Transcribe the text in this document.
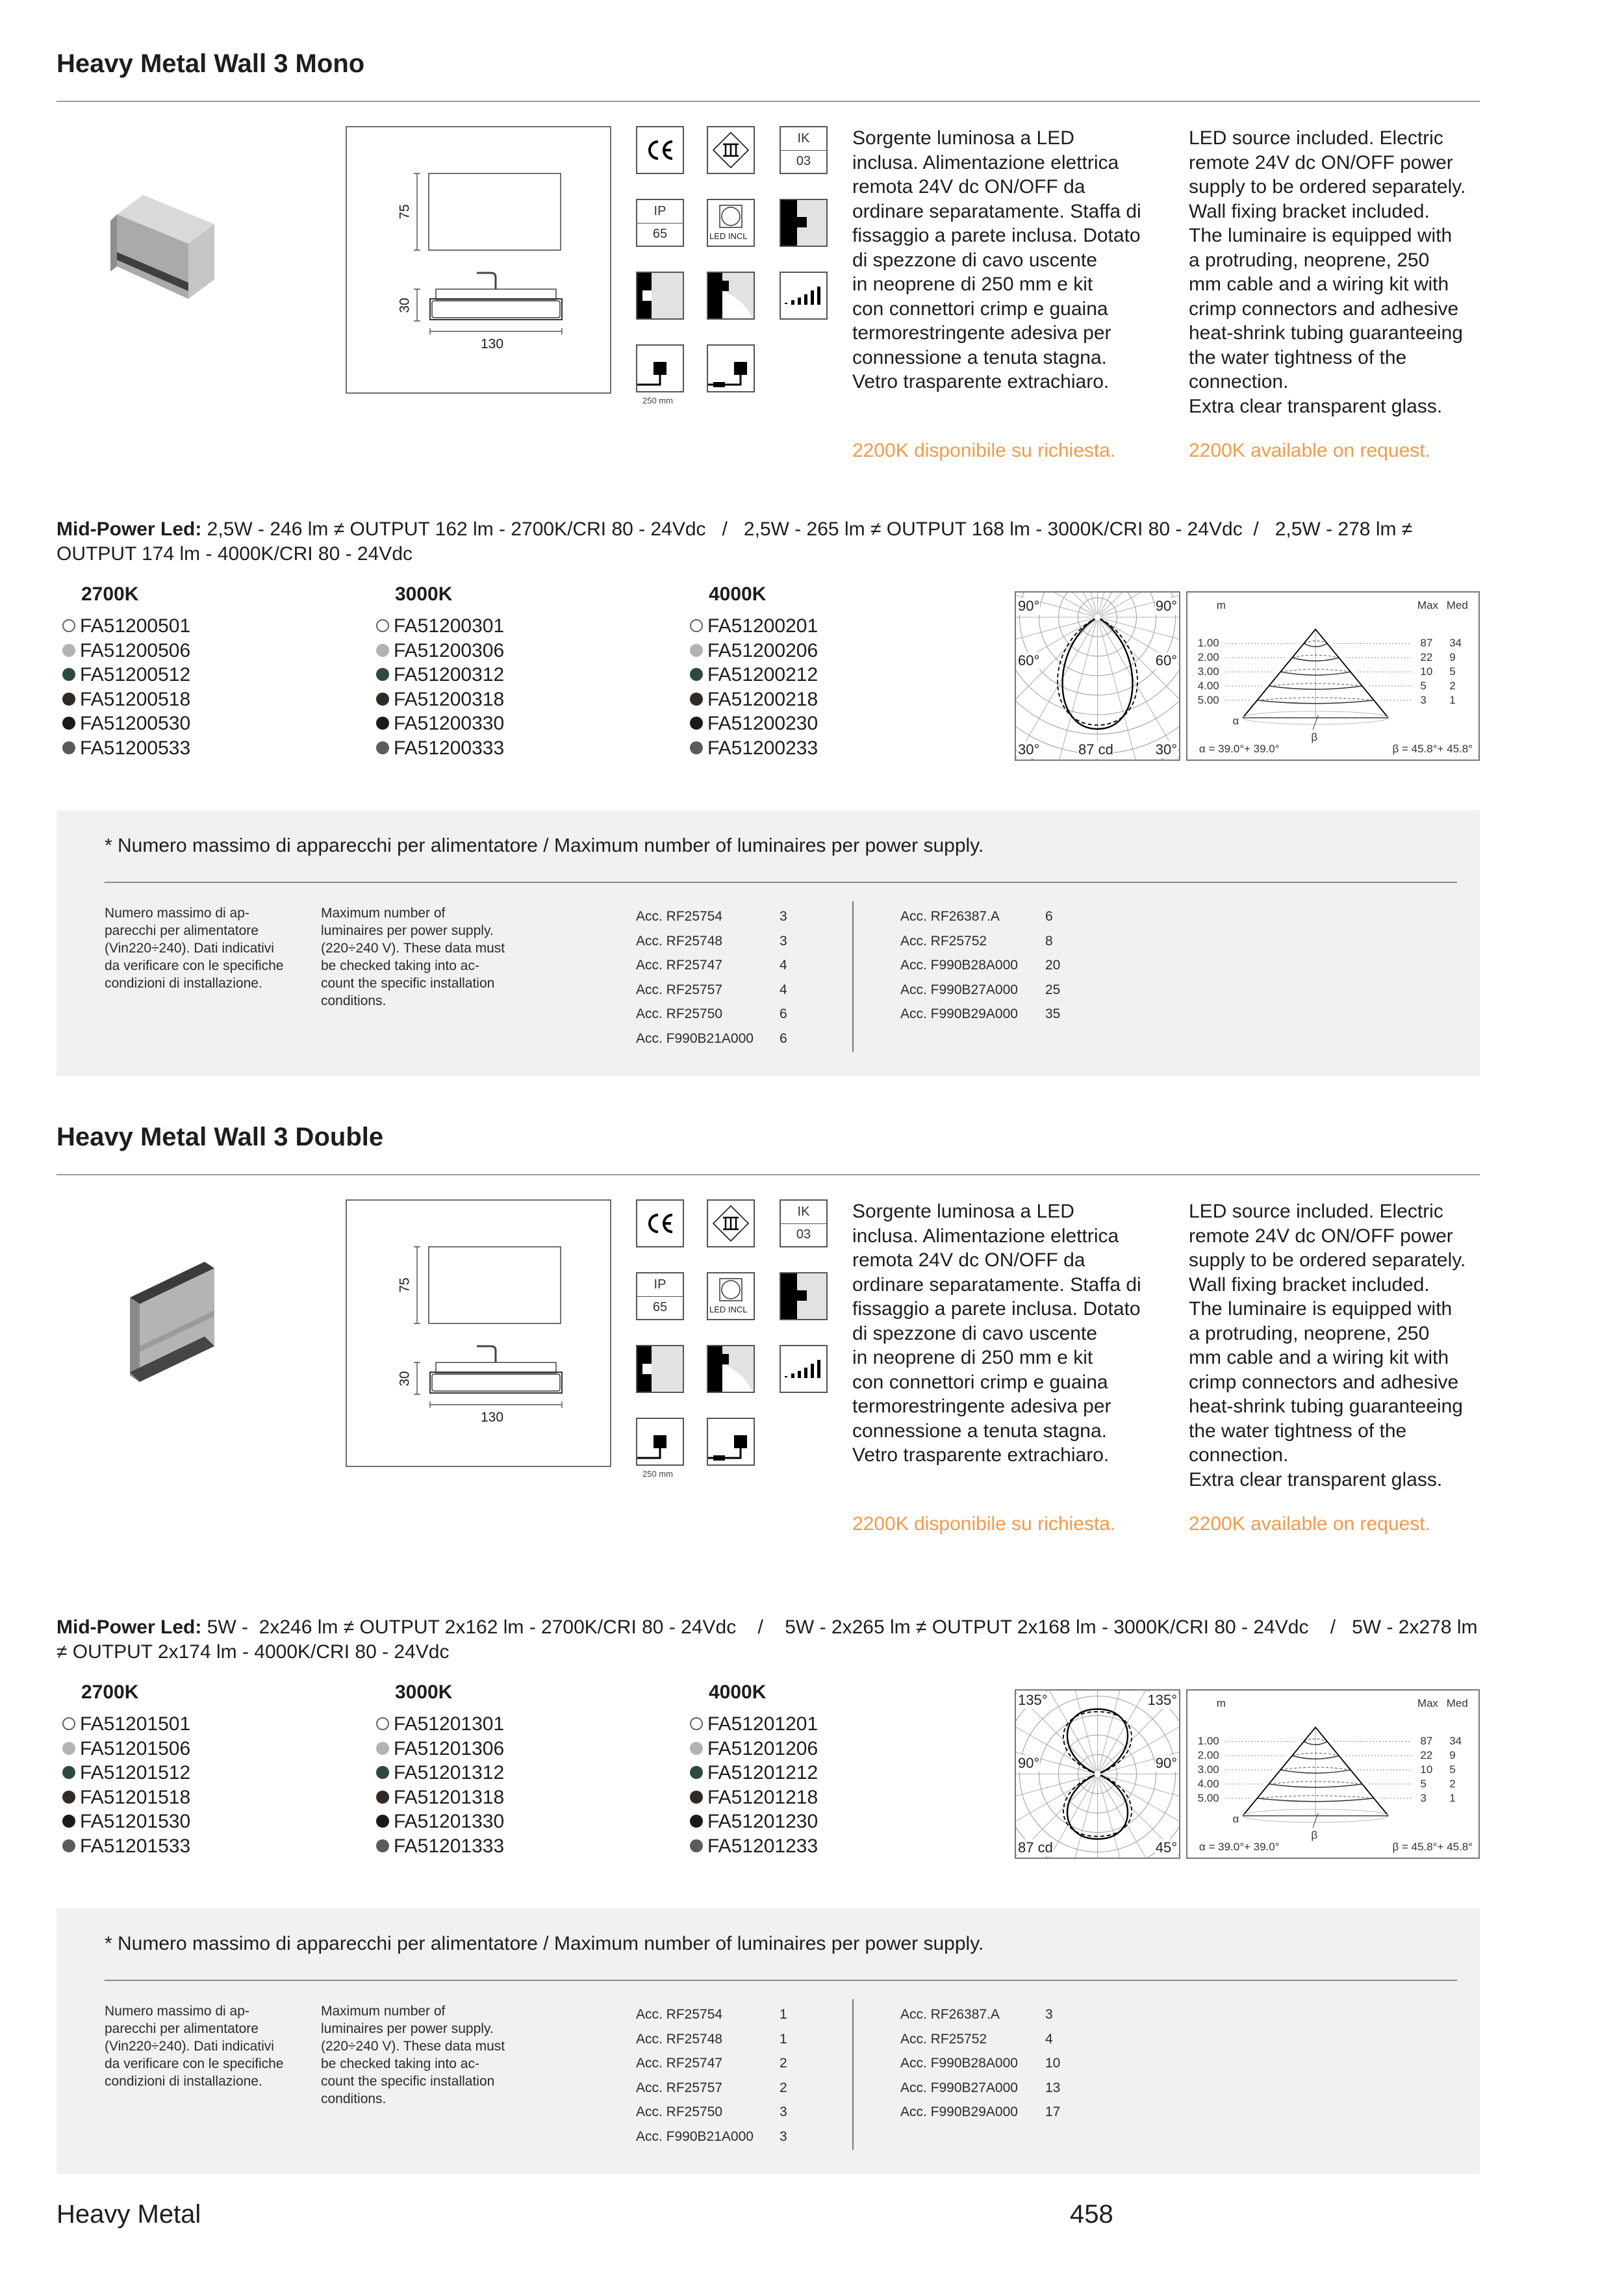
Heavy Metal	458
Heavy Metal Wall 3 Mono
75
30
130
IK
03
IP
65	LED INCL
250 mm
Sorgente luminosa a LED
inclusa. Alimentazione elettrica
remota 24V dc ON/OFF da
ordinare separatamente. Staffa di
fissaggio a parete inclusa. Dotato
di spezzone di cavo uscente
in neoprene di 250 mm e kit
con connettori crimp e guaina
termorestringente adesiva per
connessione a tenuta stagna.
Vetro trasparente extrachiaro.
LED source included. Electric
remote 24V dc ON/OFF power
supply to be ordered separately.
Wall fixing bracket included.
The luminaire is equipped with
a protruding, neoprene, 250
mm cable and a wiring kit with
crimp connectors and adhesive
heat-shrink tubing guaranteeing
the water tightness of the
connection.
Extra clear transparent glass.
2200K disponibile su richiesta.	2200K available on request.
Mid-Power Led: 2,5W - 246 lm ≠ OUTPUT 162 lm - 2700K/CRI 80 - 24Vdc   /   2,5W - 265 lm ≠ OUTPUT 168 lm - 3000K/CRI 80 - 24Vdc  /   2,5W - 278 lm ≠
OUTPUT 174 lm - 4000K/CRI 80 - 24Vdc
2700K
FA51200501
FA51200506
FA51200512
FA51200518
FA51200530
FA51200533
3000K
FA51200301
FA51200306
FA51200312
FA51200318
FA51200330
FA51200333
4000K
FA51200201
FA51200206
FA51200212
FA51200218
FA51200230
FA51200233
90°	90°
60°	60°
30°	87 cd	30°
m	Max Med
1.00	87 34
2.00	22 9
3.00	10 5
4.00	5 2
5.00	3 1
α
β
α = 39.0°+ 39.0°	β = 45.8°+ 45.8°
* Numero massimo di apparecchi per alimentatore / Maximum number of luminaires per power supply.
Numero massimo di ap-
parecchi per alimentatore
(Vin220÷240). Dati indicativi
da verificare con le specifiche
condizioni di installazione.
Maximum number of
luminaires per power supply.
(220÷240 V). These data must
be checked taking into ac-
count the specific installation
conditions.
Acc. RF25754	3
Acc. RF25748	3
Acc. RF25747	4
Acc. RF25757	4
Acc. RF25750	6
Acc. F990B21A000 6
Acc. RF26387.A	6
Acc. RF25752	8
Acc. F990B28A000 20
Acc. F990B27A000 25
Acc. F990B29A000 35
Heavy Metal Wall 3 Double
75
30
130
IK
03
IP
65	LED INCL
250 mm
Sorgente luminosa a LED
inclusa. Alimentazione elettrica
remota 24V dc ON/OFF da
ordinare separatamente. Staffa di
fissaggio a parete inclusa. Dotato
di spezzone di cavo uscente
in neoprene di 250 mm e kit
con connettori crimp e guaina
termorestringente adesiva per
connessione a tenuta stagna.
Vetro trasparente extrachiaro.
LED source included. Electric
remote 24V dc ON/OFF power
supply to be ordered separately.
Wall fixing bracket included.
The luminaire is equipped with
a protruding, neoprene, 250
mm cable and a wiring kit with
crimp connectors and adhesive
heat-shrink tubing guaranteeing
the water tightness of the
connection.
Extra clear transparent glass.
2200K disponibile su richiesta.	2200K available on request.
Mid-Power Led: 5W -  2x246 lm ≠ OUTPUT 2x162 lm - 2700K/CRI 80 - 24Vdc    /    5W - 2x265 lm ≠ OUTPUT 2x168 lm - 3000K/CRI 80 - 24Vdc    /   5W - 2x278 lm
≠ OUTPUT 2x174 lm - 4000K/CRI 80 - 24Vdc
2700K
FA51201501
FA51201506
FA51201512
FA51201518
FA51201530
FA51201533
3000K
FA51201301
FA51201306
FA51201312
FA51201318
FA51201330
FA51201333
4000K
FA51201201
FA51201206
FA51201212
FA51201218
FA51201230
FA51201233
135°	135°
90°	90°
87 cd	45°
m	Max Med
1.00	87 34
2.00	22 9
3.00	10 5
4.00	5 2
5.00	3 1
α
β
α = 39.0°+ 39.0°	β = 45.8°+ 45.8°
* Numero massimo di apparecchi per alimentatore / Maximum number of luminaires per power supply.
Numero massimo di ap-
parecchi per alimentatore
(Vin220÷240). Dati indicativi
da verificare con le specifiche
condizioni di installazione.
Maximum number of
luminaires per power supply.
(220÷240 V). These data must
be checked taking into ac-
count the specific installation
conditions.
Acc. RF25754	1
Acc. RF25748	1
Acc. RF25747	2
Acc. RF25757	2
Acc. RF25750	3
Acc. F990B21A000 3
Acc. RF26387.A	3
Acc. RF25752	4
Acc. F990B28A000 10
Acc. F990B27A000 13
Acc. F990B29A000 17
